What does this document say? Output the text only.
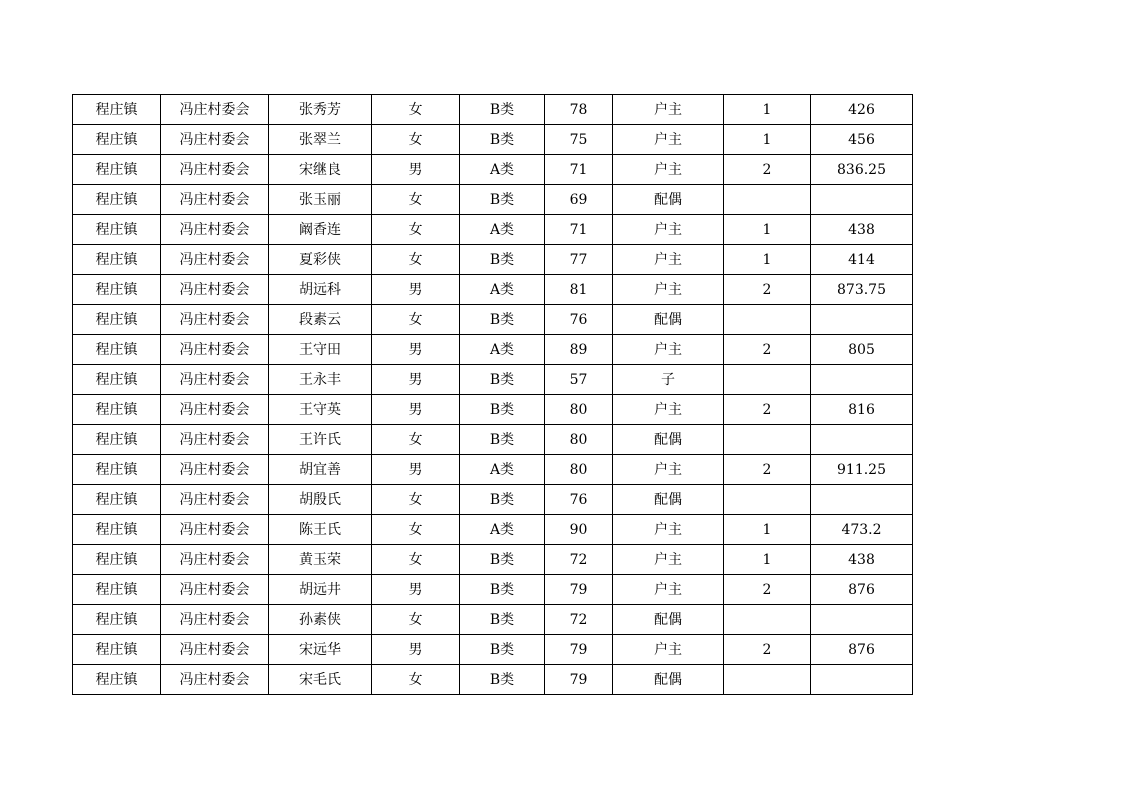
程庄镇	冯庄村委会	张秀芳	女	B类	78	户主	1	426
程庄镇	冯庄村委会	张翠兰	女	B类	75	户主	1	456
程庄镇	冯庄村委会	宋继良	男	A类	71	户主	2	836.25
程庄镇	冯庄村委会	张玉丽	女	B类	69	配偶		
程庄镇	冯庄村委会	阚香连	女	A类	71	户主	1	438
程庄镇	冯庄村委会	夏彩侠	女	B类	77	户主	1	414
程庄镇	冯庄村委会	胡远科	男	A类	81	户主	2	873.75
程庄镇	冯庄村委会	段素云	女	B类	76	配偶		
程庄镇	冯庄村委会	王守田	男	A类	89	户主	2	805
程庄镇	冯庄村委会	王永丰	男	B类	57	子		
程庄镇	冯庄村委会	王守英	男	B类	80	户主	2	816
程庄镇	冯庄村委会	王许氏	女	B类	80	配偶		
程庄镇	冯庄村委会	胡宜善	男	A类	80	户主	2	911.25
程庄镇	冯庄村委会	胡殷氏	女	B类	76	配偶		
程庄镇	冯庄村委会	陈王氏	女	A类	90	户主	1	473.2
程庄镇	冯庄村委会	黄玉荣	女	B类	72	户主	1	438
程庄镇	冯庄村委会	胡远井	男	B类	79	户主	2	876
程庄镇	冯庄村委会	孙素侠	女	B类	72	配偶		
程庄镇	冯庄村委会	宋远华	男	B类	79	户主	2	876
程庄镇	冯庄村委会	宋毛氏	女	B类	79	配偶		
